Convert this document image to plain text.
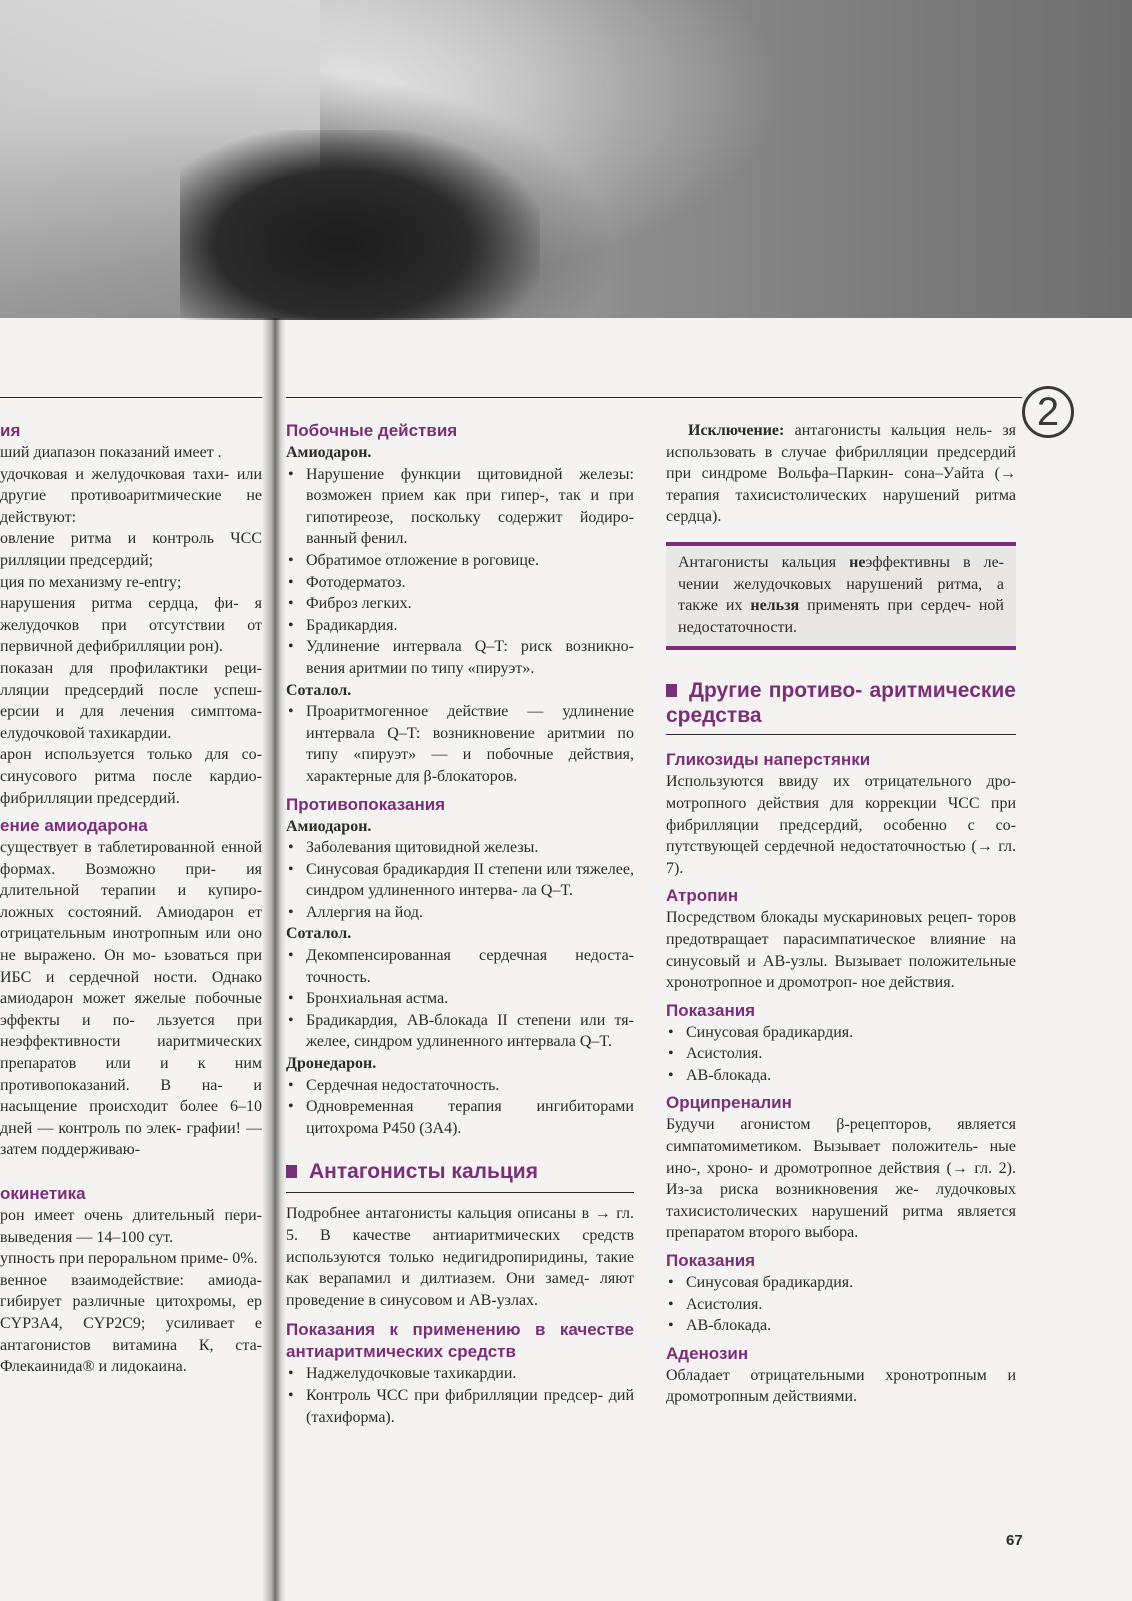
2

ия

ший диапазон показаний имеет .

удочковая и желудочковая тахи- или другие противоаритмические не действуют:

овление ритма и контроль ЧСС рилляции предсердий;

ция по механизму re-entry;

нарушения ритма сердца, фи- я желудочков при отсутствии от первичной дефибрилляции рон).

показан для профилактики реци- лляции предсердий после успеш- ерсии и для лечения симптома- елудочковой тахикардии.

арон используется только для со- синусового ритма после кардио- фибрилляции предсердий.

ение амиодарона

существует в таблетированной енной формах. Возможно при- ия длительной терапии и купиро- ложных состояний. Амиодарон ет отрицательным инотропным или оно не выражено. Он мо- ьзоваться при ИБС и сердечной ности. Однако амиодарон может яжелые побочные эффекты и по- льзуется при неэффективности иаритмических препаратов или и к ним противопоказаний. В на- и насыщение происходит более 6–10 дней — контроль по элек- графии! — затем поддерживаю-

окинетика

рон имеет очень длительный пери- выведения — 14–100 сут.

упность при пероральном приме- 0%.

венное взаимодействие: амиода- гибирует различные цитохромы, ер CYP3A4, CYP2C9; усиливает е антагонистов витамина К, ста- Флекаинида® и лидокаина.

Побочные действия

Амиодарон.

• Нарушение функции щитовидной железы: возможен прием как при гипер-, так и при гипотиреозе, поскольку содержит йодиро- ванный фенил.
• Обратимое отложение в роговице.
• Фотодерматоз.
• Фиброз легких.
• Брадикардия.
• Удлинение интервала Q–T: риск возникно- вения аритмии по типу «пируэт».

Соталол.

• Проаритмогенное действие — удлинение интервала Q–T: возникновение аритмии по типу «пируэт» — и побочные действия, характерные для β-блокаторов.

Противопоказания

Амиодарон.

• Заболевания щитовидной железы.
• Синусовая брадикардия II степени или тяжелее, синдром удлиненного интерва- ла Q–T.
• Аллергия на йод.

Соталол.

• Декомпенсированная сердечная недоста- точность.
• Бронхиальная астма.
• Брадикардия, АВ-блокада II степени или тя- желее, синдром удлиненного интервала Q–T.

Дронедарон.

• Сердечная недостаточность.
• Одновременная терапия ингибиторами цитохрома P450 (3A4).

Антагонисты кальция

Подробнее антагонисты кальция описаны в → гл. 5. В качестве антиаритмических средств используются только недигидропиридины, такие как верапамил и дилтиазем. Они замед- ляют проведение в синусовом и АВ-узлах.

Показания к применению в качестве антиаритмических средств

• Наджелудочковые тахикардии.
• Контроль ЧСС при фибрилляции предсер- дий (тахиформа).

Исключение: антагонисты кальция нель- зя использовать в случае фибрилляции предсердий при синдроме Вольфа–Паркин- сона–Уайта (→ терапия тахисистолических нарушений ритма сердца).

Антагонисты кальция неэффективны в ле- чении желудочковых нарушений ритма, а также их нельзя применять при сердеч- ной недостаточности.

Другие противо- аритмические средства

Гликозиды наперстянки

Используются ввиду их отрицательного дро- мотропного действия для коррекции ЧСС при фибрилляции предсердий, особенно с со- путствующей сердечной недостаточностью (→ гл. 7).

Атропин

Посредством блокады мускариновых рецеп- торов предотвращает парасимпатическое влияние на синусовый и АВ-узлы. Вызывает положительные хронотропное и дромотроп- ное действия.

Показания

• Синусовая брадикардия.
• Асистолия.
• АВ-блокада.

Орципреналин

Будучи агонистом β-рецепторов, является симпатомиметиком. Вызывает положитель- ные ино-, хроно- и дромотропное действия (→ гл. 2). Из-за риска возникновения же- лудочковых тахисистолических нарушений ритма является препаратом второго выбора.

Показания

• Синусовая брадикардия.
• Асистолия.
• АВ-блокада.

Аденозин

Обладает отрицательными хронотропным и дромотропным действиями.

67
